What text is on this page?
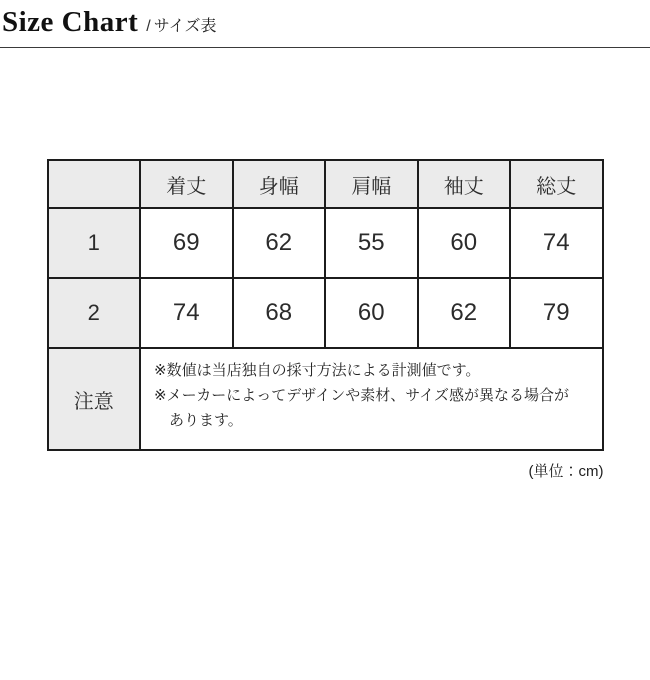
Size Chart / サイズ表
	着丈	身幅	肩幅	袖丈	総丈
1	69	62	55	60	74
2	74	68	60	62	79
注意	※数値は当店独自の採寸方法による計測値です。

※メーカーによってデザインや素材、サイズ感が異なる場合があります。				

(単位：cm)
